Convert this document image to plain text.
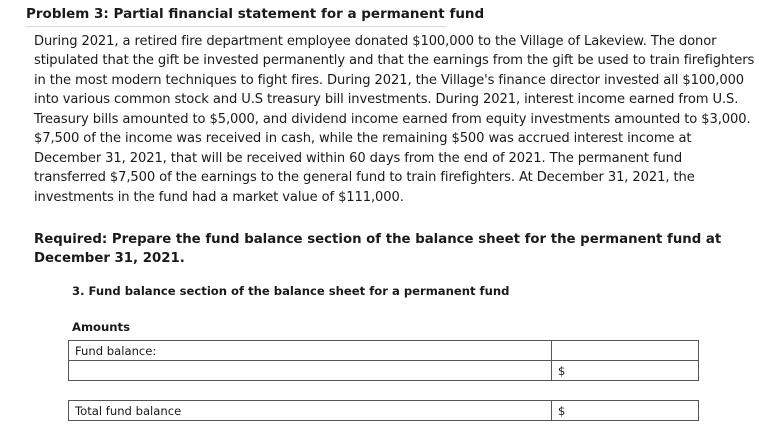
Problem 3: Partial financial statement for a permanent fund

During 2021, a retired fire department employee donated $100,000 to the Village of Lakeview. The donor stipulated that the gift be invested permanently and that the earnings from the gift be used to train firefighters in the most modern techniques to fight fires. During 2021, the Village's finance director invested all $100,000 into various common stock and U.S treasury bill investments. During 2021, interest income earned from U.S. Treasury bills amounted to $5,000, and dividend income earned from equity investments amounted to $3,000. $7,500 of the income was received in cash, while the remaining $500 was accrued interest income at December 31, 2021, that will be received within 60 days from the end of 2021. The permanent fund transferred $7,500 of the earnings to the general fund to train firefighters. At December 31, 2021, the investments in the fund had a market value of $111,000.

Required: Prepare the fund balance section of the balance sheet for the permanent fund at December 31, 2021.

3. Fund balance section of the balance sheet for a permanent fund
Amounts
Fund balance:	
	$

Total fund balance	$
